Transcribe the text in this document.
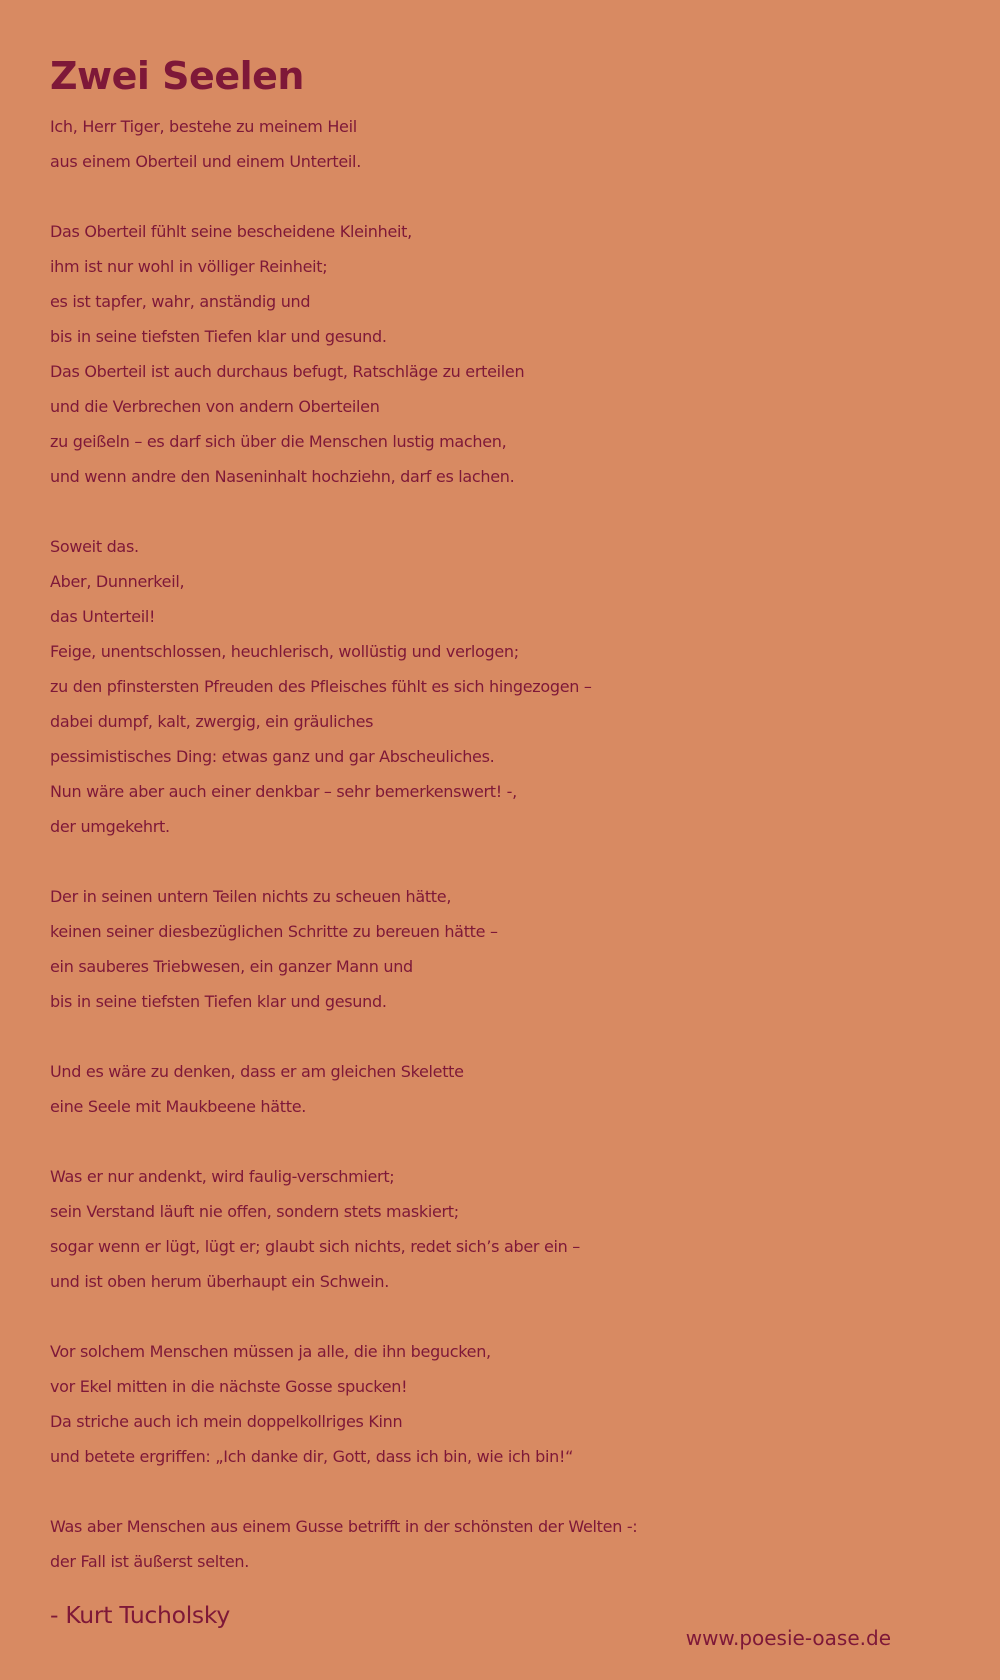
Zwei Seelen
Ich, Herr Tiger, bestehe zu meinem Heil
aus einem Oberteil und einem Unterteil.
Das Oberteil fühlt seine bescheidene Kleinheit,
ihm ist nur wohl in völliger Reinheit;
es ist tapfer, wahr, anständig und
bis in seine tiefsten Tiefen klar und gesund.
Das Oberteil ist auch durchaus befugt, Ratschläge zu erteilen
und die Verbrechen von andern Oberteilen
zu geißeln – es darf sich über die Menschen lustig machen,
und wenn andre den Naseninhalt hochziehn, darf es lachen.
Soweit das.
Aber, Dunnerkeil,
das Unterteil!
Feige, unentschlossen, heuchlerisch, wollüstig und verlogen;
zu den pfinstersten Pfreuden des Pfleisches fühlt es sich hingezogen –
dabei dumpf, kalt, zwergig, ein gräuliches
pessimistisches Ding: etwas ganz und gar Abscheuliches.
Nun wäre aber auch einer denkbar – sehr bemerkenswert! -,
der umgekehrt.
Der in seinen untern Teilen nichts zu scheuen hätte,
keinen seiner diesbezüglichen Schritte zu bereuen hätte –
ein sauberes Triebwesen, ein ganzer Mann und
bis in seine tiefsten Tiefen klar und gesund.
Und es wäre zu denken, dass er am gleichen Skelette
eine Seele mit Maukbeene hätte.
Was er nur andenkt, wird faulig-verschmiert;
sein Verstand läuft nie offen, sondern stets maskiert;
sogar wenn er lügt, lügt er; glaubt sich nichts, redet sich’s aber ein –
und ist oben herum überhaupt ein Schwein.
Vor solchem Menschen müssen ja alle, die ihn begucken,
vor Ekel mitten in die nächste Gosse spucken!
Da striche auch ich mein doppelkollriges Kinn
und betete ergriffen: „Ich danke dir, Gott, dass ich bin, wie ich bin!“
Was aber Menschen aus einem Gusse betrifft in der schönsten der Welten -:
der Fall ist äußerst selten.
- Kurt Tucholsky
www.poesie-oase.de
